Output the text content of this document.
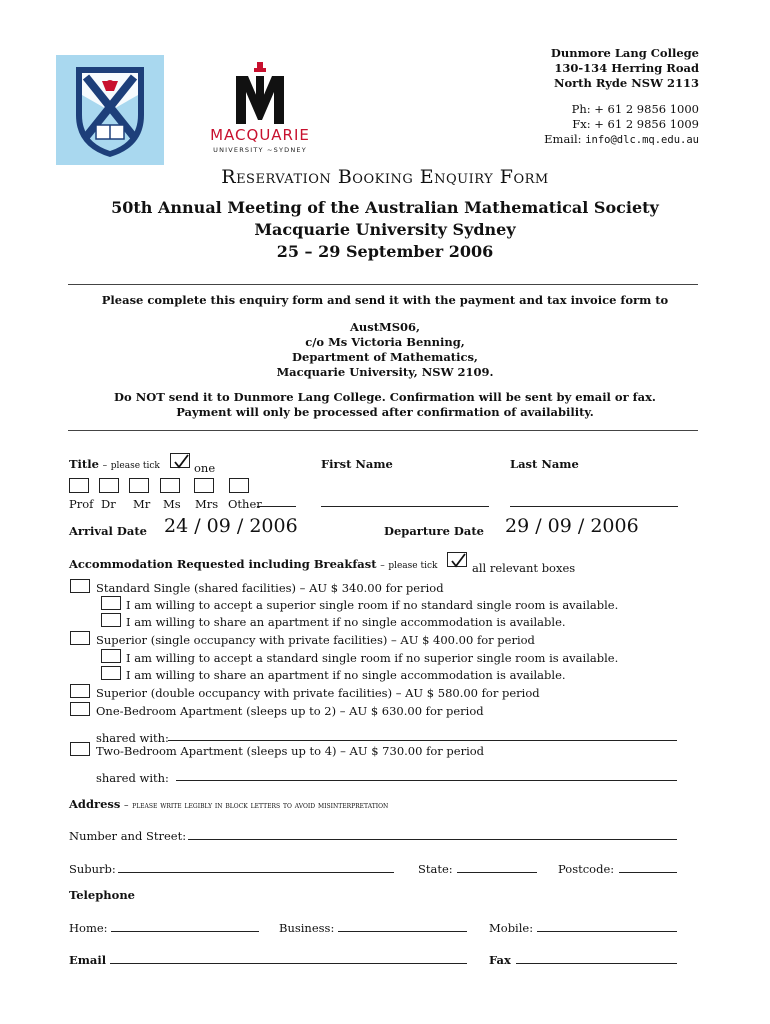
MACQUARIE
UNIVERSITY ~SYDNEY
Dunmore Lang College
130-134 Herring Road
North Ryde NSW 2113
Ph: + 61 2 9856 1000
Fx: + 61 2 9856 1009
Email: info@dlc.mq.edu.au
Reservation Booking Enquiry Form
50th Annual Meeting of the Australian Mathematical Society
Macquarie University Sydney
25 – 29 September 2006
Please complete this enquiry form and send it with the payment and tax invoice form to
AustMS06,
c/o Ms Victoria Benning,
Department of Mathematics,
Macquarie University, NSW 2109.
Do NOT send it to Dunmore Lang College. Confirmation will be sent by email or fax.
Payment will only be processed after confirmation of availability.
Title – please tick	one	First Name	Last Name
Prof Dr Mr Ms Mrs Other
Arrival Date 24 / 09 / 2006	Departure Date 29 / 09 / 2006
Accommodation Requested including Breakfast – please tick	all relevant boxes
Standard Single (shared facilities) – AU $ 340.00 for period
I am willing to accept a superior single room if no standard single room is available.
I am willing to share an apartment if no single accommodation is available.
Superior (single occupancy with private facilities) – AU $ 400.00 for period
I am willing to accept a standard single room if no superior single room is available.
I am willing to share an apartment if no single accommodation is available.
Superior (double occupancy with private facilities) – AU $ 580.00 for period
One-Bedroom Apartment (sleeps up to 2) – AU $ 630.00 for period
shared with:
Two-Bedroom Apartment (sleeps up to 4) – AU $ 730.00 for period
shared with:
Address – please write legibly in block letters to avoid misinterpretation
Number and Street:
Suburb:	State:	Postcode:
Telephone
Home:	Business:	Mobile:
Email	Fax
